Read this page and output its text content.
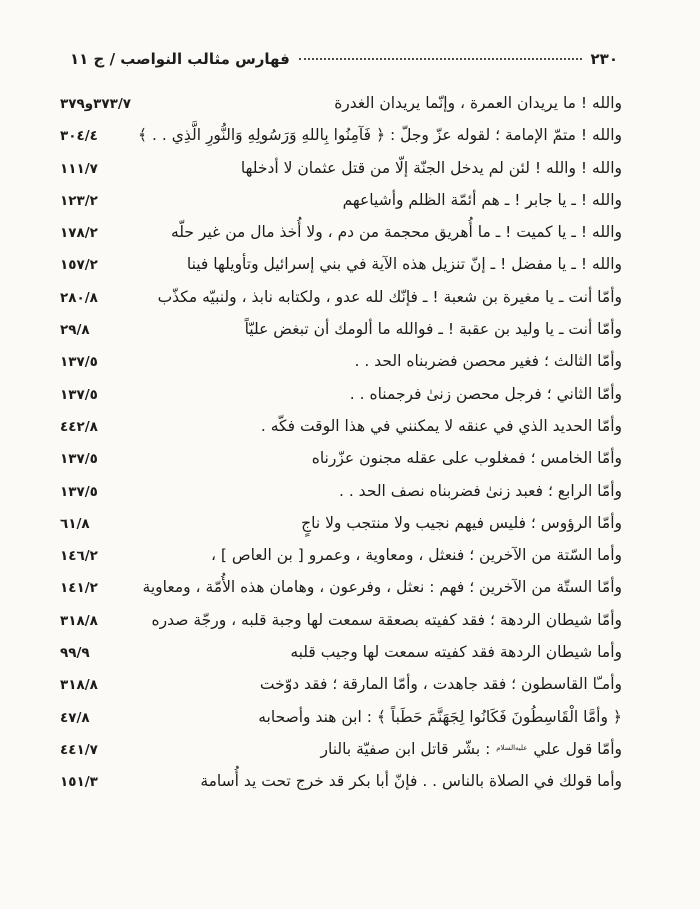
٢٣٠
فهارس مثالب النواصب / ج ١١
والله ! ما يريدان العمرة ، وإنّما يريدان الغدرة
٣٧٣/٧و٣٧٩
والله ! متمّ الإمامة ؛ لقوله عزّ وجلّ : ﴿ فَآمِنُوا بِاللهِ وَرَسُولِهِ وَالنُّورِ الَّذِي . . ﴾
٣٠٤/٤
والله ! والله ! لئن لم يدخل الجنّة إلّا من قتل عثمان لا أدخلها
١١١/٧
والله ! ـ يا جابر ! ـ هم أئمّة الظلم وأشياعهم
١٢٣/٢
والله ! ـ يا كميت ! ـ ما أُهريق محجمة من دم ، ولا أُخذ مال من غير حلّه
١٧٨/٢
والله ! ـ يا مفضل ! ـ إنّ تنزيل هذه الآية في بني إسرائيل وتأويلها فينا
١٥٧/٢
وأمّا أنت ـ يا مغيرة بن شعبة ! ـ فإنّك لله عدو ، ولكتابه نابذ ، ولنبيّه مكذّب
٢٨٠/٨
وأمّا أنت ـ يا وليد بن عقبة ! ـ فوالله ما ألومك أن تبغض عليّاً
٢٩/٨
وأمّا الثالث ؛ فغير محصن فضربناه الحد . .
١٣٧/٥
وأمّا الثاني ؛ فرجل محصن زنىٰ فرجمناه . .
١٣٧/٥
وأمّا الحديد الذي في عنقه لا يمكنني في هذا الوقت فكّه .
٤٤٢/٨
وأمّا الخامس ؛ فمغلوب على عقله مجنون عزّرناه
١٣٧/٥
وأمّا الرابع ؛ فعبد زنىٰ فضربناه نصف الحد . .
١٣٧/٥
وأمّا الرؤوس ؛ فليس فيهم نجيب ولا منتجب ولا ناجٍ
٦١/٨
وأما السّتة من الآخرين ؛ فنعثل ، ومعاوية ، وعمرو [ بن العاص ] ،
١٤٦/٢
وأمّا الستّة من الآخرين ؛ فهم : نعثل ، وفرعون ، وهامان هذه الأُمّة ، ومعاوية
١٤١/٢
وأمّا شيطان الردهة ؛ فقد كفيته بصعقة سمعت لها وجبة قلبه ، ورجّة صدره
٣١٨/٨
وأما شيطان الردهة فقد كفيته سمعت لها وجيب قلبه
٩٩/٩
وأمـّا القاسطون ؛ فقد جاهدت ، وأمّا المارقة ؛ فقد دوّخت
٣١٨/٨
﴿ وأمَّا الْقَاسِطُونَ فَكَانُوا لِجَهَنَّمَ حَطَباً ﴾ : ابن هند وأصحابه
٤٧/٨
وأمّا قول علي عليه‌السلام : بشّر قاتل ابن صفيّة بالنار
٤٤١/٧
وأما قولك في الصلاة بالناس . . فإنّ أبا بكر قد خرج تحت يد أُسامة
١٥١/٣
